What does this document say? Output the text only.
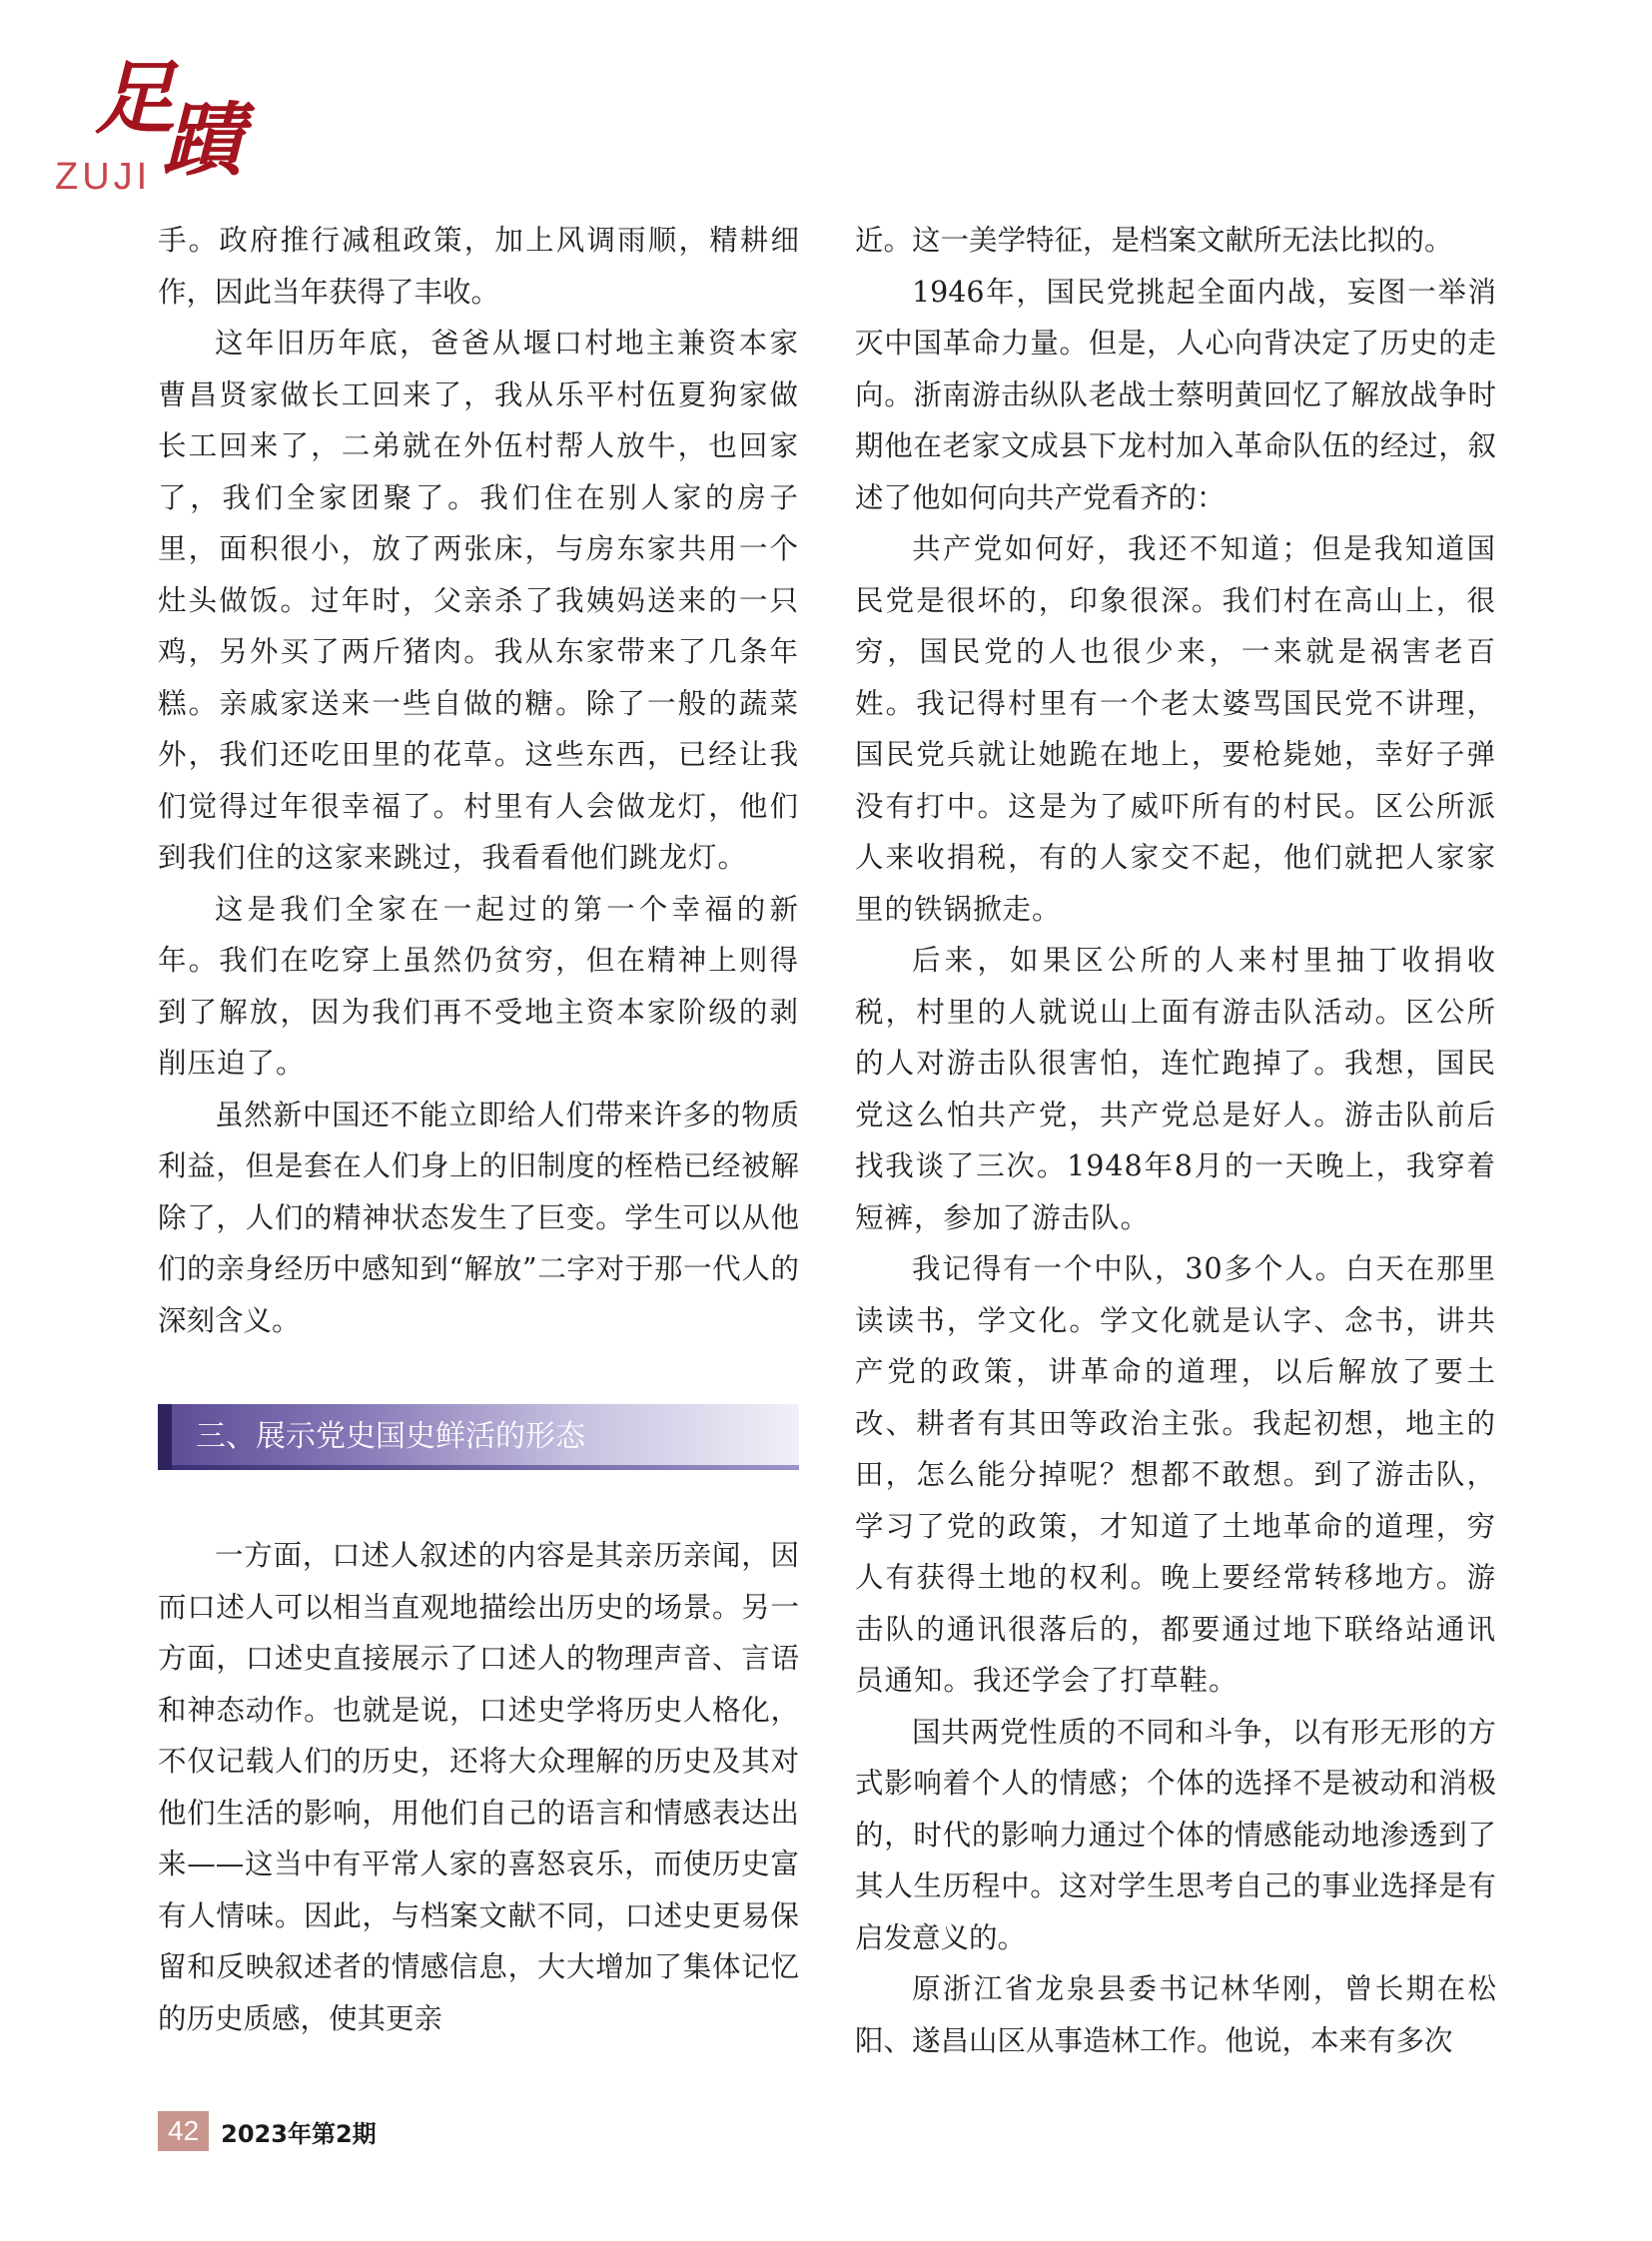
足
蹟
ZUJI

手。政府推行减租政策，加上风调雨顺，精耕细作，因此当年获得了丰收。

这年旧历年底，爸爸从堰口村地主兼资本家曹昌贤家做长工回来了，我从乐平村伍夏狗家做长工回来了，二弟就在外伍村帮人放牛，也回家了，我们全家团聚了。我们住在别人家的房子里，面积很小，放了两张床，与房东家共用一个灶头做饭。过年时，父亲杀了我姨妈送来的一只鸡，另外买了两斤猪肉。我从东家带来了几条年糕。亲戚家送来一些自做的糖。除了一般的蔬菜外，我们还吃田里的花草。这些东西，已经让我们觉得过年很幸福了。村里有人会做龙灯，他们到我们住的这家来跳过，我看看他们跳龙灯。

这是我们全家在一起过的第一个幸福的新年。我们在吃穿上虽然仍贫穷，但在精神上则得到了解放，因为我们再不受地主资本家阶级的剥削压迫了。

虽然新中国还不能立即给人们带来许多的物质利益，但是套在人们身上的旧制度的桎梏已经被解除了，人们的精神状态发生了巨变。学生可以从他们的亲身经历中感知到“解放”二字对于那一代人的深刻含义。

三、展示党史国史鲜活的形态

一方面，口述人叙述的内容是其亲历亲闻，因而口述人可以相当直观地描绘出历史的场景。另一方面，口述史直接展示了口述人的物理声音、言语和神态动作。也就是说，口述史学将历史人格化，不仅记载人们的历史，还将大众理解的历史及其对他们生活的影响，用他们自己的语言和情感表达出来——这当中有平常人家的喜怒哀乐，而使历史富有人情味。因此，与档案文献不同，口述史更易保留和反映叙述者的情感信息，大大增加了集体记忆的历史质感，使其更亲

近。这一美学特征，是档案文献所无法比拟的。

1946年，国民党挑起全面内战，妄图一举消灭中国革命力量。但是，人心向背决定了历史的走向。浙南游击纵队老战士蔡明黄回忆了解放战争时期他在老家文成县下龙村加入革命队伍的经过，叙述了他如何向共产党看齐的：

共产党如何好，我还不知道；但是我知道国民党是很坏的，印象很深。我们村在高山上，很穷，国民党的人也很少来，一来就是祸害老百姓。我记得村里有一个老太婆骂国民党不讲理，国民党兵就让她跪在地上，要枪毙她，幸好子弹没有打中。这是为了威吓所有的村民。区公所派人来收捐税，有的人家交不起，他们就把人家家里的铁锅掀走。

后来，如果区公所的人来村里抽丁收捐收税，村里的人就说山上面有游击队活动。区公所的人对游击队很害怕，连忙跑掉了。我想，国民党这么怕共产党，共产党总是好人。游击队前后找我谈了三次。1948年8月的一天晚上，我穿着短裤，参加了游击队。

我记得有一个中队，30多个人。白天在那里读读书，学文化。学文化就是认字、念书，讲共产党的政策，讲革命的道理，以后解放了要土改、耕者有其田等政治主张。我起初想，地主的田，怎么能分掉呢？想都不敢想。到了游击队，学习了党的政策，才知道了土地革命的道理，穷人有获得土地的权利。晚上要经常转移地方。游击队的通讯很落后的，都要通过地下联络站通讯员通知。我还学会了打草鞋。

国共两党性质的不同和斗争，以有形无形的方式影响着个人的情感；个体的选择不是被动和消极的，时代的影响力通过个体的情感能动地渗透到了其人生历程中。这对学生思考自己的事业选择是有启发意义的。

原浙江省龙泉县委书记林华刚，曾长期在松阳、遂昌山区从事造林工作。他说，本来有多次

42 2023年第2期
